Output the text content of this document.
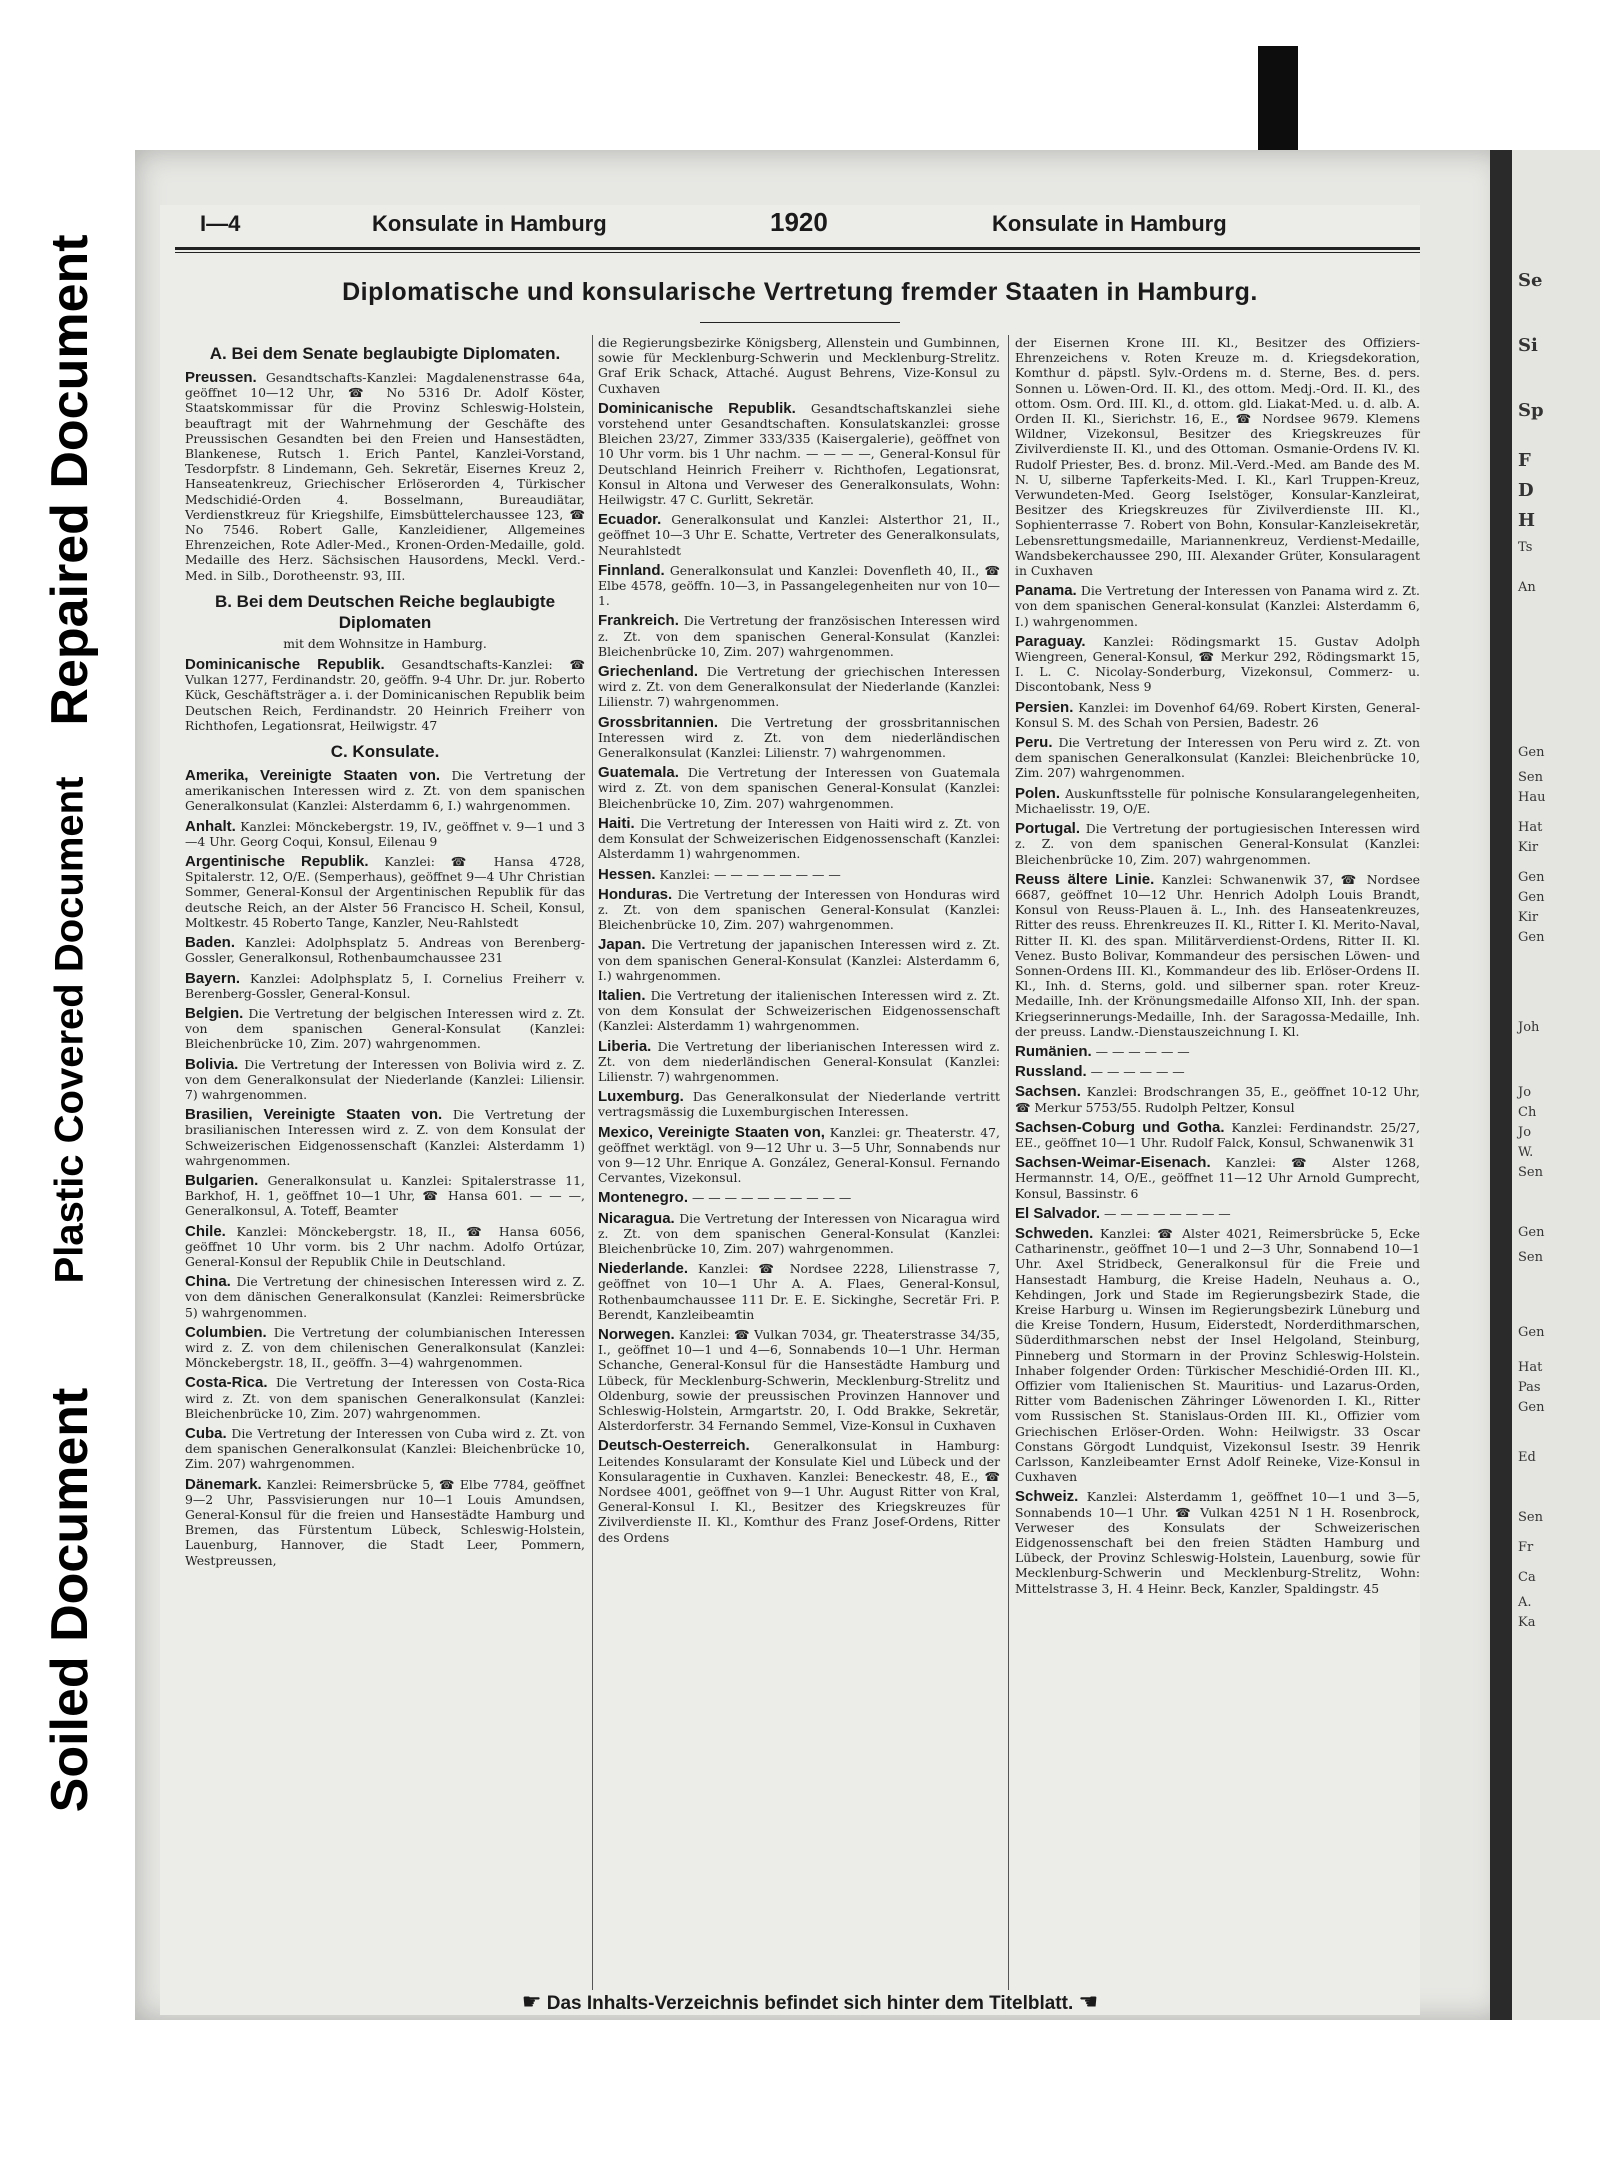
Repaired Document
Plastic Covered Document
Soiled Document
Se
Si
Sp
F
D
H
Ts
An
Gen
Sen
Hau
Hat
Kir
Gen
Gen
Kir
Gen
Joh
Jo
Ch
Jo
W.
Sen
Gen
Sen
Gen
Hat
Pas
Gen
Ed
Sen
Fr
Ca
A.
Ka
I—4	Konsulate in Hamburg	1920	Konsulate in Hamburg
Diplomatische und konsularische Vertretung fremder Staaten in Hamburg.
A. Bei dem Senate beglaubigte Diplomaten.
Preussen. Gesandtschafts-Kanzlei: Magdalenenstrasse 64a, geöffnet 10—12 Uhr, ☎ No 5316 Dr. Adolf Köster, Staatskommissar für die Provinz Schleswig-Holstein, beauftragt mit der Wahrnehmung der Geschäfte des Preussischen Gesandten bei den Freien und Hansestädten, Blankenese, Rutsch 1. Erich Pantel, Kanzlei-Vorstand, Tesdorpfstr. 8 Lindemann, Geh. Sekretär, Eisernes Kreuz 2, Hanseatenkreuz, Griechischer Erlöserorden 4, Türkischer Medschidié-Orden 4. Bosselmann, Bureaudiätar, Verdienstkreuz für Kriegshilfe, Eimsbüttelerchaussee 123, ☎ No 7546. Robert Galle, Kanzleidiener, Allgemeines Ehrenzeichen, Rote Adler-Med., Kronen-Orden-Medaille, gold. Medaille des Herz. Sächsischen Hausordens, Meckl. Verd.-Med. in Silb., Dorotheenstr. 93, III.
B. Bei dem Deutschen Reiche beglaubigte Diplomaten
mit dem Wohnsitze in Hamburg.
Dominicanische Republik. Gesandtschafts-Kanzlei: ☎ Vulkan 1277, Ferdinandstr. 20, geöffn. 9-4 Uhr. Dr. jur. Roberto Kück, Geschäftsträger a. i. der Dominicanischen Republik beim Deutschen Reich, Ferdinandstr. 20 Heinrich Freiherr von Richthofen, Legationsrat, Heilwigstr. 47
C. Konsulate.
Amerika, Vereinigte Staaten von. Die Vertretung der amerikanischen Interessen wird z. Zt. von dem spanischen Generalkonsulat (Kanzlei: Alsterdamm 6, I.) wahrgenommen.
Anhalt. Kanzlei: Mönckebergstr. 19, IV., geöffnet v. 9—1 und 3—4 Uhr. Georg Coqui, Konsul, Eilenau 9
Argentinische Republik. Kanzlei: ☎ Hansa 4728, Spitalerstr. 12, O/E. (Semperhaus), geöffnet 9—4 Uhr Christian Sommer, General-Konsul der Argentinischen Republik für das deutsche Reich, an der Alster 56 Francisco H. Scheil, Konsul, Moltkestr. 45 Roberto Tange, Kanzler, Neu-Rahlstedt
Baden. Kanzlei: Adolphsplatz 5. Andreas von Berenberg-Gossler, Generalkonsul, Rothenbaumchaussee 231
Bayern. Kanzlei: Adolphsplatz 5, I. Cornelius Freiherr v. Berenberg-Gossler, General-Konsul.
Belgien. Die Vertretung der belgischen Interessen wird z. Zt. von dem spanischen General-Konsulat (Kanzlei: Bleichenbrücke 10, Zim. 207) wahrgenommen.
Bolivia. Die Vertretung der Interessen von Bolivia wird z. Z. von dem Generalkonsulat der Niederlande (Kanzlei: Liliensir. 7) wahrgenommen.
Brasilien, Vereinigte Staaten von. Die Vertretung der brasilianischen Interessen wird z. Z. von dem Konsulat der Schweizerischen Eidgenossenschaft (Kanzlei: Alsterdamm 1) wahrgenommen.
Bulgarien. Generalkonsulat u. Kanzlei: Spitalerstrasse 11, Barkhof, H. 1, geöffnet 10—1 Uhr, ☎ Hansa 601. — — —, Generalkonsul, A. Toteff, Beamter
Chile. Kanzlei: Mönckebergstr. 18, II., ☎ Hansa 6056, geöffnet 10 Uhr vorm. bis 2 Uhr nachm. Adolfo Ortúzar, General-Konsul der Republik Chile in Deutschland.
China. Die Vertretung der chinesischen Interessen wird z. Z. von dem dänischen Generalkonsulat (Kanzlei: Reimersbrücke 5) wahrgenommen.
Columbien. Die Vertretung der columbianischen Interessen wird z. Z. von dem chilenischen Generalkonsulat (Kanzlei: Mönckebergstr. 18, II., geöffn. 3—4) wahrgenommen.
Costa-Rica. Die Vertretung der Interessen von Costa-Rica wird z. Zt. von dem spanischen Generalkonsulat (Kanzlei: Bleichenbrücke 10, Zim. 207) wahrgenommen.
Cuba. Die Vertretung der Interessen von Cuba wird z. Zt. von dem spanischen Generalkonsulat (Kanzlei: Bleichenbrücke 10, Zim. 207) wahrgenommen.
Dänemark. Kanzlei: Reimersbrücke 5, ☎ Elbe 7784, geöffnet 9—2 Uhr, Passvisierungen nur 10—1 Louis Amundsen, General-Konsul für die freien und Hansestädte Hamburg und Bremen, das Fürstentum Lübeck, Schleswig-Holstein, Lauenburg, Hannover, die Stadt Leer, Pommern, Westpreussen,
die Regierungsbezirke Königsberg, Allenstein und Gumbinnen, sowie für Mecklenburg-Schwerin und Mecklenburg-Strelitz. Graf Erik Schack, Attaché. August Behrens, Vize-Konsul zu Cuxhaven
Dominicanische Republik. Gesandtschaftskanzlei siehe vorstehend unter Gesandtschaften. Konsulatskanzlei: grosse Bleichen 23/27, Zimmer 333/335 (Kaisergalerie), geöffnet von 10 Uhr vorm. bis 1 Uhr nachm. — — — —, General-Konsul für Deutschland Heinrich Freiherr v. Richthofen, Legationsrat, Konsul in Altona und Verweser des Generalkonsulats, Wohn: Heilwigstr. 47 C. Gurlitt, Sekretär.
Ecuador. Generalkonsulat und Kanzlei: Alsterthor 21, II., geöffnet 10—3 Uhr E. Schatte, Vertreter des Generalkonsulats, Neurahlstedt
Finnland. Generalkonsulat und Kanzlei: Dovenfleth 40, II., ☎ Elbe 4578, geöffn. 10—3, in Passangelegenheiten nur von 10—1.
Frankreich. Die Vertretung der französischen Interessen wird z. Zt. von dem spanischen General-Konsulat (Kanzlei: Bleichenbrücke 10, Zim. 207) wahrgenommen.
Griechenland. Die Vertretung der griechischen Interessen wird z. Zt. von dem Generalkonsulat der Niederlande (Kanzlei: Lilienstr. 7) wahrgenommen.
Grossbritannien. Die Vertretung der grossbritannischen Interessen wird z. Zt. von dem niederländischen Generalkonsulat (Kanzlei: Lilienstr. 7) wahrgenommen.
Guatemala. Die Vertretung der Interessen von Guatemala wird z. Zt. von dem spanischen General-Konsulat (Kanzlei: Bleichenbrücke 10, Zim. 207) wahrgenommen.
Haiti. Die Vertretung der Interessen von Haiti wird z. Zt. von dem Konsulat der Schweizerischen Eidgenossenschaft (Kanzlei: Alsterdamm 1) wahrgenommen.
Hessen. Kanzlei: — — — — — — — —
Honduras. Die Vertretung der Interessen von Honduras wird z. Zt. von dem spanischen General-Konsulat (Kanzlei: Bleichenbrücke 10, Zim. 207) wahrgenommen.
Japan. Die Vertretung der japanischen Interessen wird z. Zt. von dem spanischen General-Konsulat (Kanzlei: Alsterdamm 6, I.) wahrgenommen.
Italien. Die Vertretung der italienischen Interessen wird z. Zt. von dem Konsulat der Schweizerischen Eidgenossenschaft (Kanzlei: Alsterdamm 1) wahrgenommen.
Liberia. Die Vertretung der liberianischen Interessen wird z. Zt. von dem niederländischen General-Konsulat (Kanzlei: Lilienstr. 7) wahrgenommen.
Luxemburg. Das Generalkonsulat der Niederlande vertritt vertragsmässig die Luxemburgischen Interessen.
Mexico, Vereinigte Staaten von, Kanzlei: gr. Theaterstr. 47, geöffnet werktägl. von 9—12 Uhr u. 3—5 Uhr, Sonnabends nur von 9—12 Uhr. Enrique A. González, General-Konsul. Fernando Cervantes, Vizekonsul.
Montenegro. — — — — — — — — — —
Nicaragua. Die Vertretung der Interessen von Nicaragua wird z. Zt. von dem spanischen General-Konsulat (Kanzlei: Bleichenbrücke 10, Zim. 207) wahrgenommen.
Niederlande. Kanzlei: ☎ Nordsee 2228, Lilienstrasse 7, geöffnet von 10—1 Uhr A. A. Flaes, General-Konsul, Rothenbaumchaussee 111 Dr. E. E. Sickinghe, Secretär Fri. P. Berendt, Kanzleibeamtin
Norwegen. Kanzlei: ☎ Vulkan 7034, gr. Theaterstrasse 34/35, I., geöffnet 10—1 und 4—6, Sonnabends 10—1 Uhr. Herman Schanche, General-Konsul für die Hansestädte Hamburg und Lübeck, für Mecklenburg-Schwerin, Mecklenburg-Strelitz und Oldenburg, sowie der preussischen Provinzen Hannover und Schleswig-Holstein, Armgartstr. 20, I. Odd Brakke, Sekretär, Alsterdorferstr. 34 Fernando Semmel, Vize-Konsul in Cuxhaven
Deutsch-Oesterreich. Generalkonsulat in Hamburg: Leitendes Konsularamt der Konsulate Kiel und Lübeck und der Konsularagentie in Cuxhaven. Kanzlei: Beneckestr. 48, E., ☎ Nordsee 4001, geöffnet von 9—1 Uhr. August Ritter von Kral, General-Konsul I. Kl., Besitzer des Kriegskreuzes für Zivilverdienste II. Kl., Komthur des Franz Josef-Ordens, Ritter des Ordens
der Eisernen Krone III. Kl., Besitzer des Offiziers-Ehrenzeichens v. Roten Kreuze m. d. Kriegsdekoration, Komthur d. päpstl. Sylv.-Ordens m. d. Sterne, Bes. d. pers. Sonnen u. Löwen-Ord. II. Kl., des ottom. Medj.-Ord. II. Kl., des ottom. Osm. Ord. III. Kl., d. ottom. gld. Liakat-Med. u. d. alb. A. Orden II. Kl., Sierichstr. 16, E., ☎ Nordsee 9679. Klemens Wildner, Vizekonsul, Besitzer des Kriegskreuzes für Zivilverdienste II. Kl., und des Ottoman. Osmanie-Ordens IV. Kl. Rudolf Priester, Bes. d. bronz. Mil.-Verd.-Med. am Bande des M. N. U, silberne Tapferkeits-Med. I. Kl., Karl Truppen-Kreuz, Verwundeten-Med. Georg Iselstöger, Konsular-Kanzleirat, Besitzer des Kriegskreuzes für Zivilverdienste III. Kl., Sophienterrasse 7. Robert von Bohn, Konsular-Kanzleisekretär, Lebensrettungsmedaille, Mariannenkreuz, Verdienst-Medaille, Wandsbekerchaussee 290, III. Alexander Grüter, Konsularagent in Cuxhaven
Panama. Die Vertretung der Interessen von Panama wird z. Zt. von dem spanischen General-konsulat (Kanzlei: Alsterdamm 6, I.) wahrgenommen.
Paraguay. Kanzlei: Rödingsmarkt 15. Gustav Adolph Wiengreen, General-Konsul, ☎ Merkur 292, Rödingsmarkt 15, I. L. C. Nicolay-Sonderburg, Vizekonsul, Commerz- u. Discontobank, Ness 9
Persien. Kanzlei: im Dovenhof 64/69. Robert Kirsten, General-Konsul S. M. des Schah von Persien, Badestr. 26
Peru. Die Vertretung der Interessen von Peru wird z. Zt. von dem spanischen Generalkonsulat (Kanzlei: Bleichenbrücke 10, Zim. 207) wahrgenommen.
Polen. Auskunftsstelle für polnische Konsularangelegenheiten, Michaelisstr. 19, O/E.
Portugal. Die Vertretung der portugiesischen Interessen wird z. Z. von dem spanischen General-Konsulat (Kanzlei: Bleichenbrücke 10, Zim. 207) wahrgenommen.
Reuss ältere Linie. Kanzlei: Schwanenwik 37, ☎ Nordsee 6687, geöffnet 10—12 Uhr. Henrich Adolph Louis Brandt, Konsul von Reuss-Plauen ä. L., Inh. des Hanseatenkreuzes, Ritter des reuss. Ehrenkreuzes II. Kl., Ritter I. Kl. Merito-Naval, Ritter II. Kl. des span. Militärverdienst-Ordens, Ritter II. Kl. Venez. Busto Bolivar, Kommandeur des persischen Löwen- und Sonnen-Ordens III. Kl., Kommandeur des lib. Erlöser-Ordens II. Kl., Inh. d. Sterns, gold. und silberner span. roter Kreuz-Medaille, Inh. der Krönungsmedaille Alfonso XII, Inh. der span. Kriegserinnerungs-Medaille, Inh. der Saragossa-Medaille, Inh. der preuss. Landw.-Dienstauszeichnung I. Kl.
Rumänien. — — — — — —
Russland. — — — — — —
Sachsen. Kanzlei: Brodschrangen 35, E., geöffnet 10-12 Uhr, ☎ Merkur 5753/55. Rudolph Peltzer, Konsul
Sachsen-Coburg und Gotha. Kanzlei: Ferdinandstr. 25/27, EE., geöffnet 10—1 Uhr. Rudolf Falck, Konsul, Schwanenwik 31
Sachsen-Weimar-Eisenach. Kanzlei: ☎ Alster 1268, Hermannstr. 14, O/E., geöffnet 11—12 Uhr Arnold Gumprecht, Konsul, Bassinstr. 6
El Salvador. — — — — — — — —
Schweden. Kanzlei: ☎ Alster 4021, Reimersbrücke 5, Ecke Catharinenstr., geöffnet 10—1 und 2—3 Uhr, Sonnabend 10—1 Uhr. Axel Stridbeck, Generalkonsul für die Freie und Hansestadt Hamburg, die Kreise Hadeln, Neuhaus a. O., Kehdingen, Jork und Stade im Regierungsbezirk Stade, die Kreise Harburg u. Winsen im Regierungsbezirk Lüneburg und die Kreise Tondern, Husum, Eiderstedt, Norderdithmarschen, Süderdithmarschen nebst der Insel Helgoland, Steinburg, Pinneberg und Stormarn in der Provinz Schleswig-Holstein. Inhaber folgender Orden: Türkischer Meschidié-Orden III. Kl., Offizier vom Italienischen St. Mauritius- und Lazarus-Orden, Ritter vom Badenischen Zähringer Löwenorden I. Kl., Ritter vom Russischen St. Stanislaus-Orden III. Kl., Offizier vom Griechischen Erlöser-Orden. Wohn: Heilwigstr. 33 Oscar Constans Görgodt Lundquist, Vizekonsul Isestr. 39 Henrik Carlsson, Kanzleibeamter Ernst Adolf Reineke, Vize-Konsul in Cuxhaven
Schweiz. Kanzlei: Alsterdamm 1, geöffnet 10—1 und 3—5, Sonnabends 10—1 Uhr. ☎ Vulkan 4251 N 1 H. Rosenbrock, Verweser des Konsulats der Schweizerischen Eidgenossenschaft bei den freien Städten Hamburg und Lübeck, der Provinz Schleswig-Holstein, Lauenburg, sowie für Mecklenburg-Schwerin und Mecklenburg-Strelitz, Wohn: Mittelstrasse 3, H. 4 Heinr. Beck, Kanzler, Spaldingstr. 45
☛ Das Inhalts-Verzeichnis befindet sich hinter dem Titelblatt. ☚
